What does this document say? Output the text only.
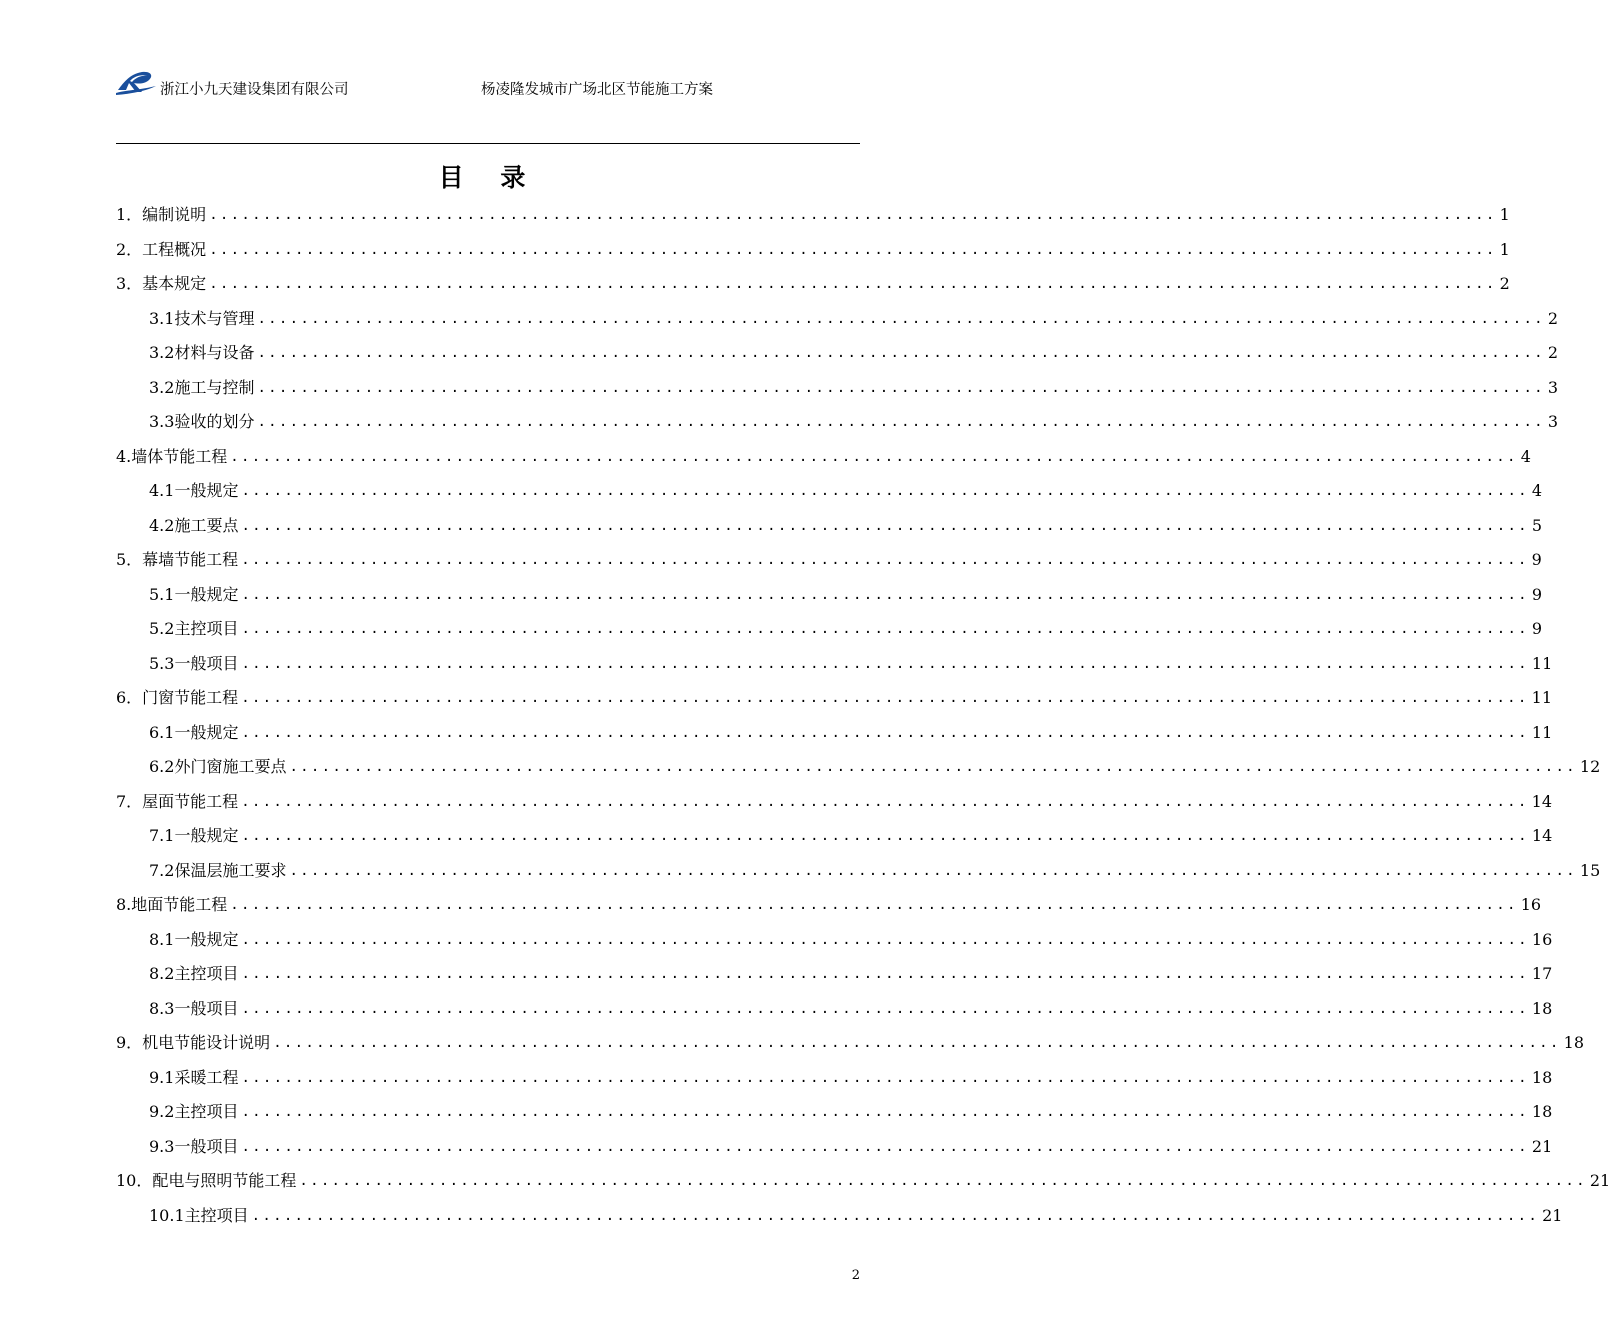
浙江小九天建设集团有限公司	杨凌隆发城市广场北区节能施工方案
目 录
1．编制说明 ........................................................................................................................ 1
2．工程概况 ........................................................................................................................ 1
3．基本规定 ........................................................................................................................ 2
3.1技术与管理 ........................................................................................................................ 2
3.2材料与设备 ........................................................................................................................ 2
3.2施工与控制 ........................................................................................................................ 3
3.3验收的划分 ........................................................................................................................ 3
4.墙体节能工程 ........................................................................................................................ 4
4.1一般规定 ........................................................................................................................ 4
4.2施工要点 ........................................................................................................................ 5
5．幕墙节能工程 ........................................................................................................................ 9
5.1一般规定 ........................................................................................................................ 9
5.2主控项目 ........................................................................................................................ 9
5.3一般项目 ........................................................................................................................ 11
6．门窗节能工程 ........................................................................................................................ 11
6.1一般规定 ........................................................................................................................ 11
6.2外门窗施工要点 ........................................................................................................................ 12
7．屋面节能工程 ........................................................................................................................ 14
7.1一般规定 ........................................................................................................................ 14
7.2保温层施工要求 ........................................................................................................................ 15
8.地面节能工程 ........................................................................................................................ 16
8.1一般规定 ........................................................................................................................ 16
8.2主控项目 ........................................................................................................................ 17
8.3一般项目 ........................................................................................................................ 18
9．机电节能设计说明 ........................................................................................................................ 18
9.1采暖工程 ........................................................................................................................ 18
9.2主控项目 ........................................................................................................................ 18
9.3一般项目 ........................................................................................................................ 21
10．配电与照明节能工程 ........................................................................................................................ 21
10.1主控项目 ........................................................................................................................ 21
2
